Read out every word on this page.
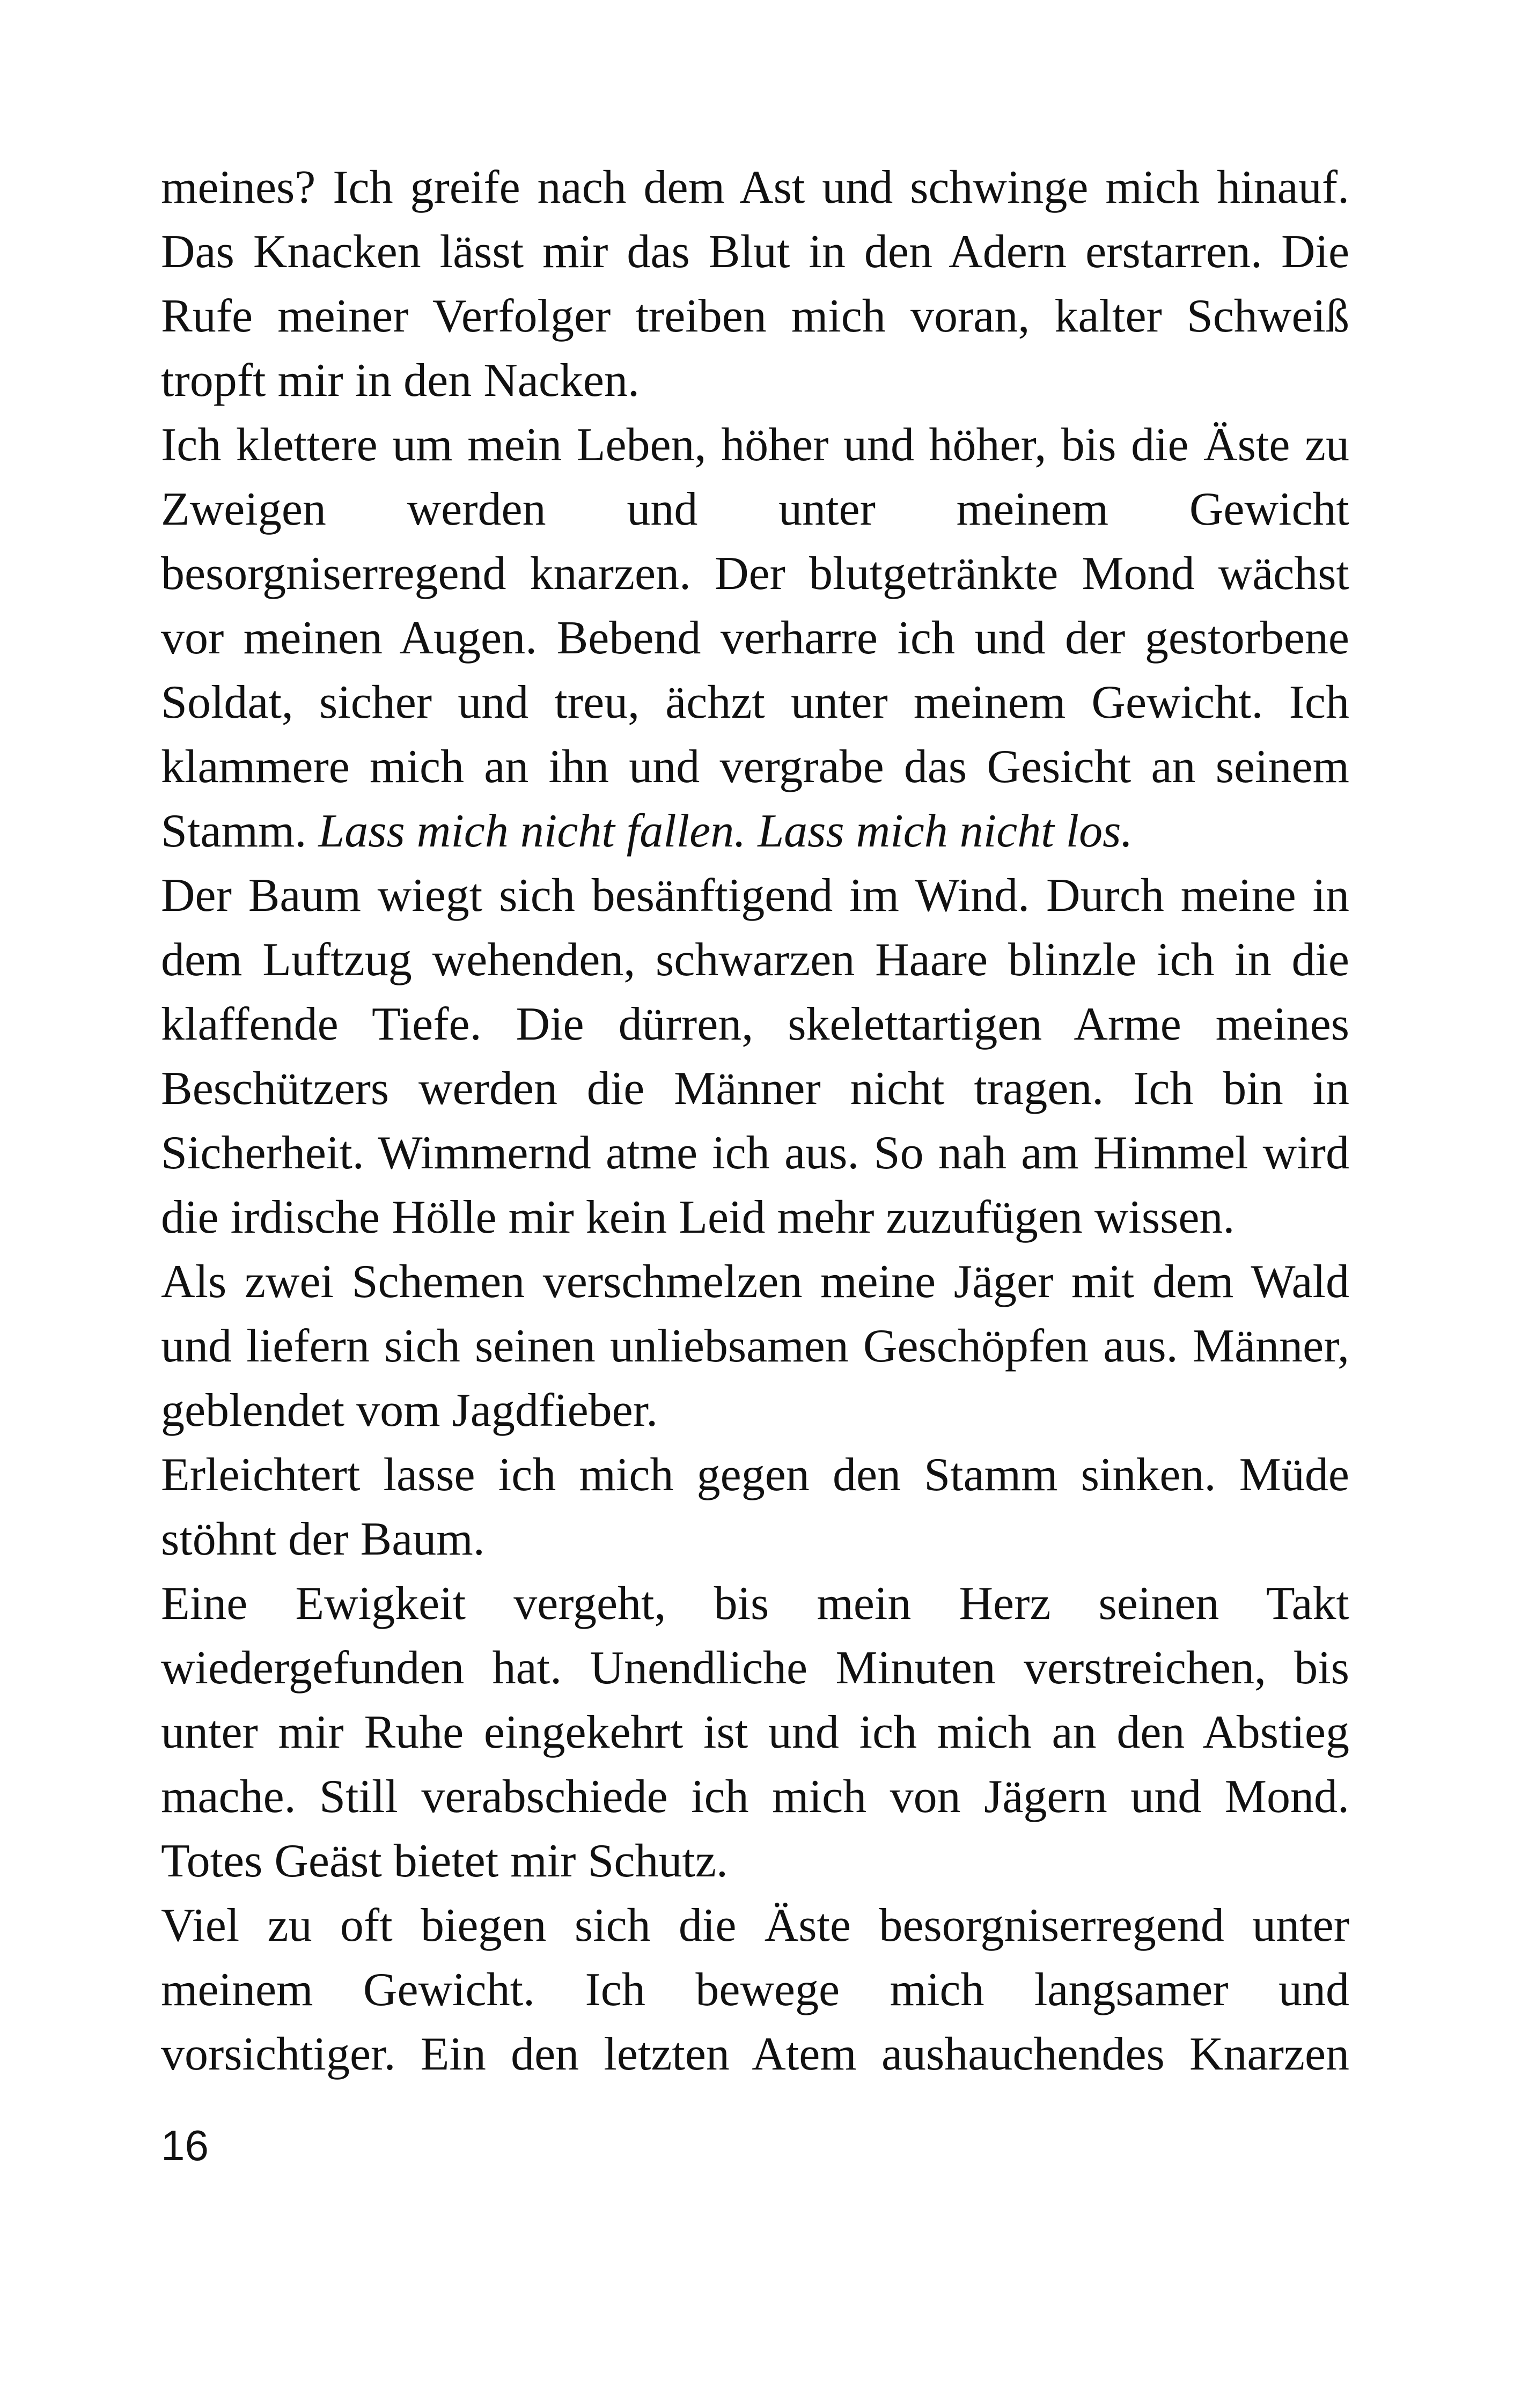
meines? Ich greife nach dem Ast und schwinge mich hinauf. Das Knacken lässt mir das Blut in den Adern erstarren. Die Rufe meiner Verfolger treiben mich voran, kalter Schweiß tropft mir in den Nacken.

Ich klettere um mein Leben, höher und höher, bis die Äste zu Zweigen werden und unter meinem Gewicht besorgniserregend knarzen. Der blutgetränkte Mond wächst vor meinen Augen. Bebend verharre ich und der gestorbene Soldat, sicher und treu, ächzt unter meinem Gewicht. Ich klammere mich an ihn und vergrabe das Gesicht an seinem Stamm. Lass mich nicht fallen. Lass mich nicht los.

Der Baum wiegt sich besänftigend im Wind. Durch meine in dem Luftzug wehenden, schwarzen Haare blinzle ich in die klaffende Tiefe. Die dürren, skelettartigen Arme meines Beschützers werden die Männer nicht tragen. Ich bin in Sicherheit. Wimmernd atme ich aus. So nah am Himmel wird die irdische Hölle mir kein Leid mehr zuzufügen wissen.

Als zwei Schemen verschmelzen meine Jäger mit dem Wald und liefern sich seinen unliebsamen Geschöpfen aus. Männer, geblendet vom Jagdfieber.

Erleichtert lasse ich mich gegen den Stamm sinken. Müde stöhnt der Baum.

Eine Ewigkeit vergeht, bis mein Herz seinen Takt wiedergefunden hat. Unendliche Minuten verstreichen, bis unter mir Ruhe eingekehrt ist und ich mich an den Abstieg mache. Still verabschiede ich mich von Jägern und Mond. Totes Geäst bietet mir Schutz.

Viel zu oft biegen sich die Äste besorgniserregend unter meinem Gewicht. Ich bewege mich langsamer und vorsichtiger. Ein den letzten Atem aushauchendes Knarzen

16
